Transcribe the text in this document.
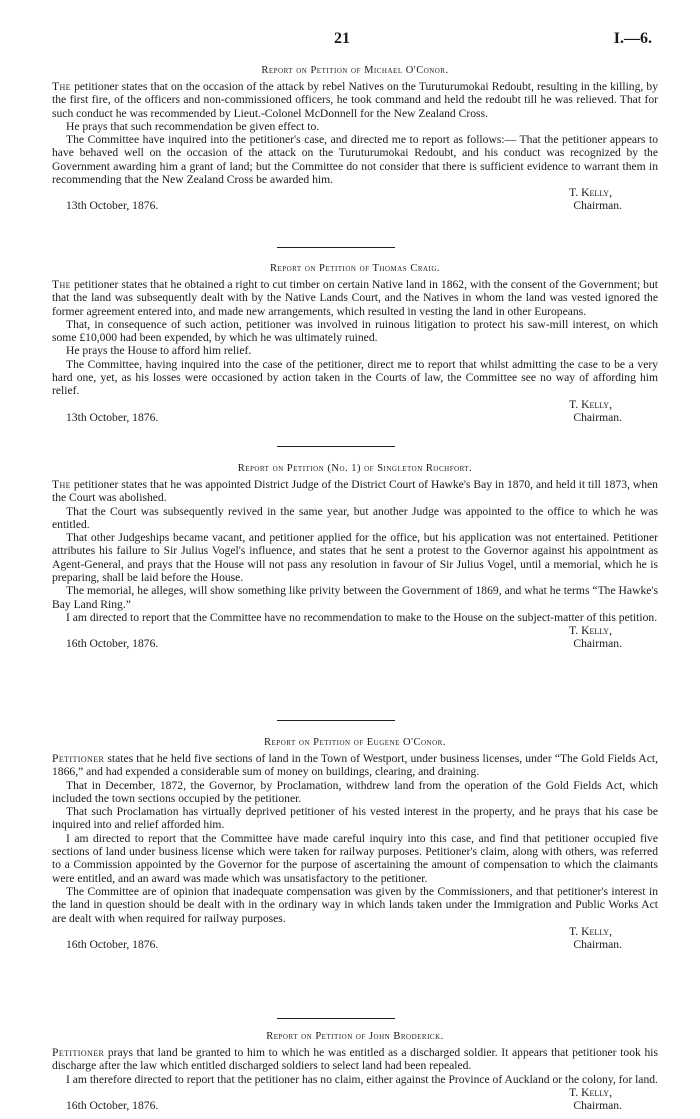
21	I.—6.
Report on Petition of Michael O'Conor.

The petitioner states that on the occasion of the attack by rebel Natives on the Turuturumokai Redoubt, resulting in the killing, by the first fire, of the officers and non-commissioned officers, he took command and held the redoubt till he was relieved. That for such conduct he was recommended by Lieut.-Colonel McDonnell for the New Zealand Cross.

He prays that such recommendation be given effect to.

The Committee have inquired into the petitioner's case, and directed me to report as follows:— That the petitioner appears to have behaved well on the occasion of the attack on the Turuturumokai Redoubt, and his conduct was recognized by the Government awarding him a grant of land; but the Committee do not consider that there is sufficient evidence to warrant them in recommending that the New Zealand Cross be awarded him.

T. Kelly,
Chairman.
13th October, 1876.
Report on Petition of Thomas Craig.

The petitioner states that he obtained a right to cut timber on certain Native land in 1862, with the consent of the Government; but that the land was subsequently dealt with by the Native Lands Court, and the Natives in whom the land was vested ignored the former agreement entered into, and made new arrangements, which resulted in vesting the land in other Europeans.

That, in consequence of such action, petitioner was involved in ruinous litigation to protect his saw-mill interest, on which some £10,000 had been expended, by which he was ultimately ruined.

He prays the House to afford him relief.

The Committee, having inquired into the case of the petitioner, direct me to report that whilst admitting the case to be a very hard one, yet, as his losses were occasioned by action taken in the Courts of law, the Committee see no way of affording him relief.

T. Kelly,
Chairman.
13th October, 1876.
Report on Petition (No. 1) of Singleton Rochfort.

The petitioner states that he was appointed District Judge of the District Court of Hawke's Bay in 1870, and held it till 1873, when the Court was abolished.

That the Court was subsequently revived in the same year, but another Judge was appointed to the office to which he was entitled.

That other Judgeships became vacant, and petitioner applied for the office, but his application was not entertained. Petitioner attributes his failure to Sir Julius Vogel's influence, and states that he sent a protest to the Governor against his appointment as Agent-General, and prays that the House will not pass any resolution in favour of Sir Julius Vogel, until a memorial, which he is preparing, shall be laid before the House.

The memorial, he alleges, will show something like privity between the Government of 1869, and what he terms “The Hawke's Bay Land Ring.”

I am directed to report that the Committee have no recommendation to make to the House on the subject-matter of this petition.

T. Kelly,
Chairman.
16th October, 1876.
Report on Petition of Eugene O'Conor.

Petitioner states that he held five sections of land in the Town of Westport, under business licenses, under “The Gold Fields Act, 1866,” and had expended a considerable sum of money on buildings, clearing, and draining.

That in December, 1872, the Governor, by Proclamation, withdrew land from the operation of the Gold Fields Act, which included the town sections occupied by the petitioner.

That such Proclamation has virtually deprived petitioner of his vested interest in the property, and he prays that his case be inquired into and relief afforded him.

I am directed to report that the Committee have made careful inquiry into this case, and find that petitioner occupied five sections of land under business license which were taken for railway purposes. Petitioner's claim, along with others, was referred to a Commission appointed by the Governor for the purpose of ascertaining the amount of compensation to which the claimants were entitled, and an award was made which was unsatisfactory to the petitioner.

The Committee are of opinion that inadequate compensation was given by the Commissioners, and that petitioner's interest in the land in question should be dealt with in the ordinary way in which lands taken under the Immigration and Public Works Act are dealt with when required for railway purposes.

T. Kelly,
Chairman.
16th October, 1876.
Report on Petition of John Broderick.

Petitioner prays that land be granted to him to which he was entitled as a discharged soldier. It appears that petitioner took his discharge after the law which entitled discharged soldiers to select land had been repealed.

I am therefore directed to report that the petitioner has no claim, either against the Province of Auckland or the colony, for land.

T. Kelly,
Chairman.
16th October, 1876.
